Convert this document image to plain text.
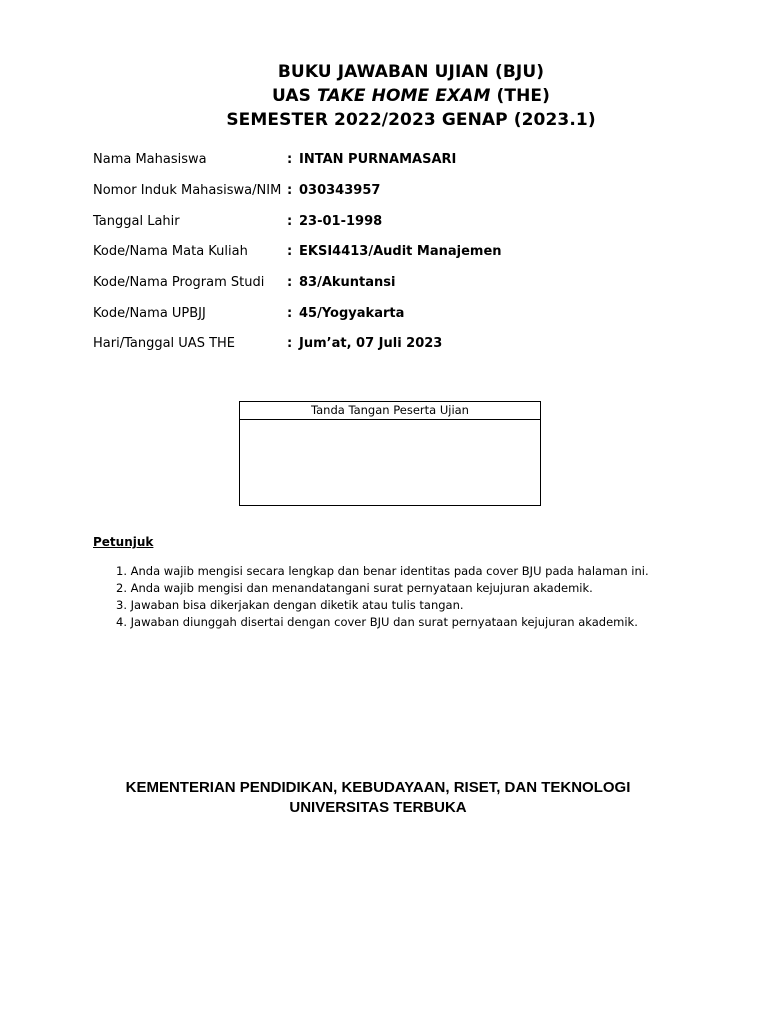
BUKU JAWABAN UJIAN (BJU)
UAS TAKE HOME EXAM (THE)
SEMESTER 2022/2023 GENAP (2023.1)
Nama Mahasiswa	: INTAN PURNAMASARI
Nomor Induk Mahasiswa/NIM : 030343957
Tanggal Lahir	: 23-01-1998
Kode/Nama Mata Kuliah	: EKSI4413/Audit Manajemen
Kode/Nama Program Studi	: 83/Akuntansi
Kode/Nama UPBJJ	: 45/Yogyakarta
Hari/Tanggal UAS THE	: Jum’at, 07 Juli 2023
Tanda Tangan Peserta Ujian
Petunjuk
1. Anda wajib mengisi secara lengkap dan benar identitas pada cover BJU pada halaman ini.
2. Anda wajib mengisi dan menandatangani surat pernyataan kejujuran akademik.
3. Jawaban bisa dikerjakan dengan diketik atau tulis tangan.
4. Jawaban diunggah disertai dengan cover BJU dan surat pernyataan kejujuran akademik.
KEMENTERIAN PENDIDIKAN, KEBUDAYAAN, RISET, DAN TEKNOLOGI
UNIVERSITAS TERBUKA
